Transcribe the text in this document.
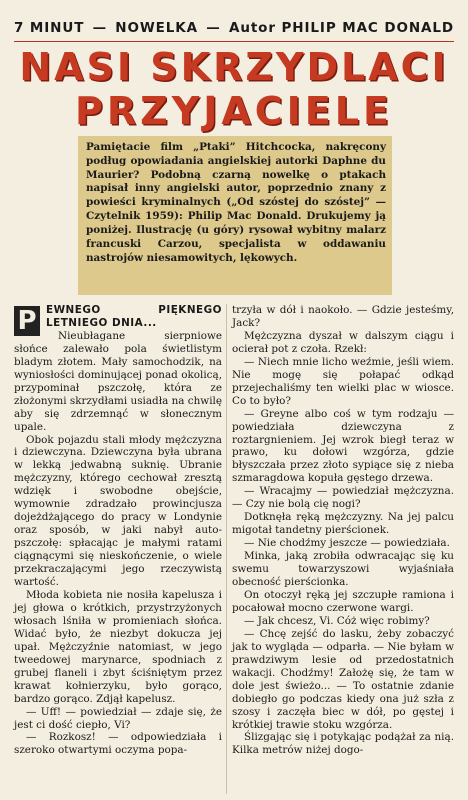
7 MINUT — NOWELKA — Autor PHILIP MAC DONALD
NASI SKRZYDLACI
PRZYJACIELE
Pamiętacie film „Ptaki” Hitchcocka, nakręcony podług opowiadania angielskiej autorki Daphne du Maurier? Podobną czarną nowelkę o ptakach napisał inny angielski autor, poprzednio znany z powieści kryminalnych („Od szóstej do szóstej” — Czytelnik 1959): Philip Mac Donald. Drukujemy ją poniżej. Ilustrację (u góry) rysował wybitny malarz francuski Carzou, specjalista w oddawaniu nastrojów niesamowitych, lękowych.

P EWNEGO PIĘKNEGO LETNIEGO DNIA...

Nieubłagane sierpniowe słońce zalewało pola świetlistym bladym złotem. Mały samochodzik, na wyniosłości dominującej ponad okolicą, przypominał pszczołę, która ze złożonymi skrzydłami usiadła na chwilę aby się zdrzemnąć w słonecznym upale.

Obok pojazdu stali młody mężczyzna i dziewczyna. Dziewczyna była ubrana w lekką jedwabną suknię. Ubranie mężczyzny, którego cechował zresztą wdzięk i swobodne obejście, wymownie zdradzało prowincjusza dojeżdżającego do pracy w Londynie oraz sposób, w jaki nabył auto-pszczołę: spłacając je małymi ratami ciągnącymi się nieskończenie, o wiele przekraczającymi jego rzeczywistą wartość.

Młoda kobieta nie nosiła kapelusza i jej głowa o krótkich, przystrzyżonych włosach lśniła w promieniach słońca. Widać było, że niezbyt dokucza jej upał. Mężczyźnie natomiast, w jego tweedowej marynarce, spodniach z grubej flaneli i zbyt ściśniętym przez krawat kołnierzyku, było gorąco, bardzo gorąco. Zdjął kapelusz.

— Uff! — powiedział — zdaje się, że jest ci dość ciepło, Vi?

— Rozkosz! — odpowiedziała i szeroko otwartymi oczyma popa-

trzyła w dół i naokoło. — Gdzie jesteśmy, Jack?

Mężczyzna dyszał w dalszym ciągu i ocierał pot z czoła. Rzekł:

— Niech mnie licho weźmie, jeśli wiem. Nie mogę się połapać odkąd przejechaliśmy ten wielki plac w wiosce. Co to było?

— Greyne albo coś w tym rodzaju — powiedziała dziewczyna z roztargnieniem. Jej wzrok biegł teraz w prawo, ku dołowi wzgórza, gdzie błyszczała przez złoto sypiące się z nieba szmaragdowa kopuła gęstego drzewa.

— Wracajmy — powiedział mężczyzna. — Czy nie bolą cię nogi?

Dotknęła ręką mężczyzny. Na jej palcu migotał tandetny pierścionek.

— Nie chodźmy jeszcze — powiedziała.

Minka, jaką zrobiła odwracając się ku swemu towarzyszowi wyjaśniała obecność pierścionka.

On otoczył ręką jej szczupłe ramiona i pocałował mocno czerwone wargi.

— Jak chcesz, Vi. Cóż więc robimy?

— Chcę zejść do lasku, żeby zobaczyć jak to wygląda — odparła. — Nie byłam w prawdziwym lesie od przedostatnich wakacji. Chodźmy! Założę się, że tam w dole jest świeżo... — To ostatnie zdanie dobiegło go podczas kiedy ona już szła z szosy i zaczęła biec w dół, po gęstej i krótkiej trawie stoku wzgórza.

Ślizgając się i potykając podążał za nią. Kilka metrów niżej dogo-
